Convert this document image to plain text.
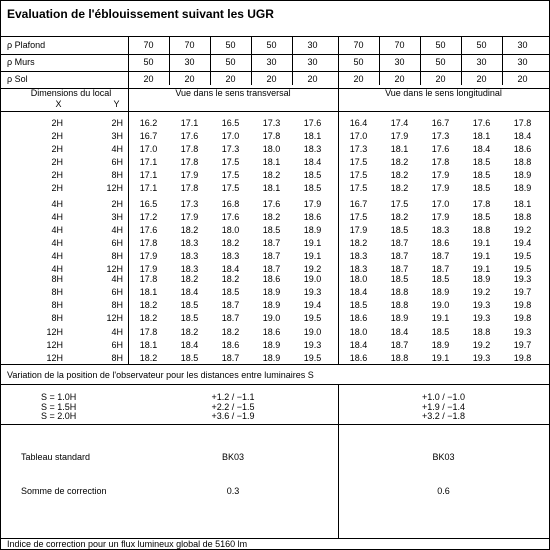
Evaluation de l'éblouissement suivant les UGR
ρ Plafond	70	70	50	50	30	70	70	50	50	30
ρ Murs	50	30	50	30	30	50	30	50	30	30
ρ Sol	20	20	20	20	20	20	20	20	20	20
Dimensions du local
X	Y
Vue dans le sens transversal	Vue dans le sens longitudinal
2H	2H	16.2	17.1	16.5	17.3	17.6	16.4	17.4	16.7	17.6	17.8
2H	3H	16.7	17.6	17.0	17.8	18.1	17.0	17.9	17.3	18.1	18.4
2H	4H	17.0	17.8	17.3	18.0	18.3	17.3	18.1	17.6	18.4	18.6
2H	6H	17.1	17.8	17.5	18.1	18.4	17.5	18.2	17.8	18.5	18.8
2H	8H	17.1	17.9	17.5	18.2	18.5	17.5	18.2	17.9	18.5	18.9
2H	12H	17.1	17.8	17.5	18.1	18.5	17.5	18.2	17.9	18.5	18.9
4H	2H	16.5	17.3	16.8	17.6	17.9	16.7	17.5	17.0	17.8	18.1
4H	3H	17.2	17.9	17.6	18.2	18.6	17.5	18.2	17.9	18.5	18.8
4H	4H	17.6	18.2	18.0	18.5	18.9	17.9	18.5	18.3	18.8	19.2
4H	6H	17.8	18.3	18.2	18.7	19.1	18.2	18.7	18.6	19.1	19.4
4H	8H	17.9	18.3	18.3	18.7	19.1	18.3	18.7	18.7	19.1	19.5
4H	12H	17.9	18.3	18.4	18.7	19.2	18.3	18.7	18.7	19.1	19.5
8H	4H	17.8	18.2	18.2	18.6	19.0	18.0	18.5	18.5	18.9	19.3
8H	6H	18.1	18.4	18.5	18.9	19.3	18.4	18.8	18.9	19.2	19.7
8H	8H	18.2	18.5	18.7	18.9	19.4	18.5	18.8	19.0	19.3	19.8
8H	12H	18.2	18.5	18.7	19.0	19.5	18.6	18.9	19.1	19.3	19.8
12H	4H	17.8	18.2	18.2	18.6	19.0	18.0	18.4	18.5	18.8	19.3
12H	6H	18.1	18.4	18.6	18.9	19.3	18.4	18.7	18.9	19.2	19.7
12H	8H	18.2	18.5	18.7	18.9	19.5	18.6	18.8	19.1	19.3	19.8
Variation de la position de l'observateur pour les distances entre luminaires S
S = 1.0H	+1.2 / −1.1	+1.0 / −1.0
S = 1.5H	+2.2 / −1.5	+1.9 / −1.4
S = 2.0H	+3.6 / −1.9	+3.2 / −1.8
Tableau standard	BK03	BK03
Somme de correction	0.3	0.6
Indice de correction pour un flux lumineux global de 5160 lm
